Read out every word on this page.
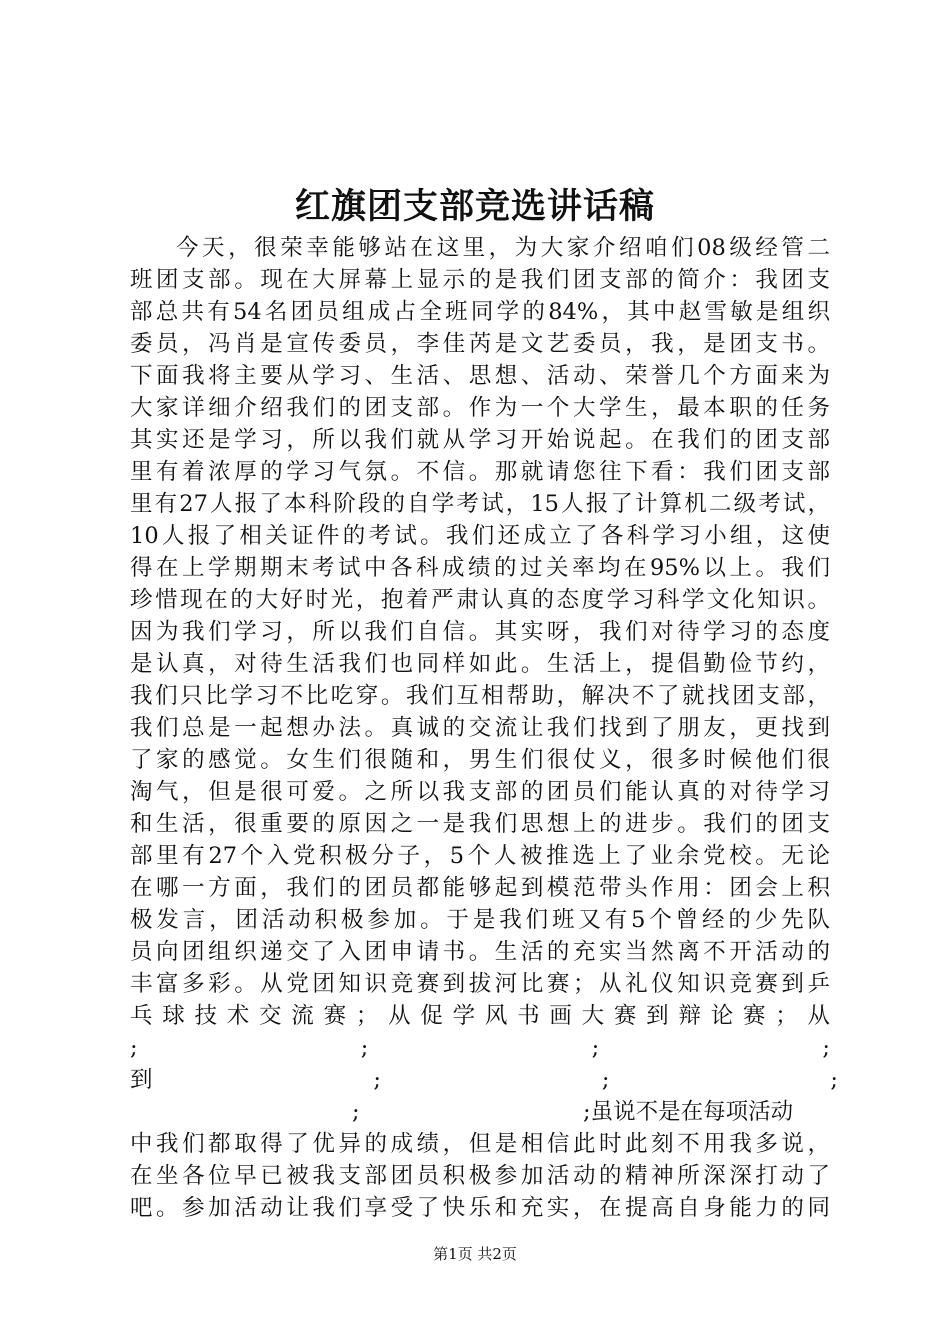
红旗团支部竞选讲话稿
今天，很荣幸能够站在这里，为大家介绍咱们08级经管二
班团支部。现在大屏幕上显示的是我们团支部的简介：我团支
部总共有54名团员组成占全班同学的84%，其中赵雪敏是组织
委员，冯肖是宣传委员，李佳芮是文艺委员，我，是团支书。
下面我将主要从学习、生活、思想、活动、荣誉几个方面来为
大家详细介绍我们的团支部。作为一个大学生，最本职的任务
其实还是学习，所以我们就从学习开始说起。在我们的团支部
里有着浓厚的学习气氛。不信。那就请您往下看：我们团支部
里有27人报了本科阶段的自学考试，15人报了计算机二级考试，
10人报了相关证件的考试。我们还成立了各科学习小组，这使
得在上学期期末考试中各科成绩的过关率均在95%以上。我们
珍惜现在的大好时光，抱着严肃认真的态度学习科学文化知识。
因为我们学习，所以我们自信。其实呀，我们对待学习的态度
是认真，对待生活我们也同样如此。生活上，提倡勤俭节约，
我们只比学习不比吃穿。我们互相帮助，解决不了就找团支部，
我们总是一起想办法。真诚的交流让我们找到了朋友，更找到
了家的感觉。女生们很随和，男生们很仗义，很多时候他们很
淘气，但是很可爱。之所以我支部的团员们能认真的对待学习
和生活，很重要的原因之一是我们思想上的进步。我们的团支
部里有27个入党积极分子，5个人被推选上了业余党校。无论
在哪一方面，我们的团员都能够起到模范带头作用：团会上积
极发言，团活动积极参加。于是我们班又有5个曾经的少先队
员向团组织递交了入团申请书。生活的充实当然离不开活动的
丰富多彩。从党团知识竞赛到拔河比赛；从礼仪知识竞赛到乒
乓球技术交流赛；从促学风书画大赛到辩论赛；从
;	;	;	;
到	;	;	;
;	;虽说不是在每项活动
中我们都取得了优异的成绩，但是相信此时此刻不用我多说，
在坐各位早已被我支部团员积极参加活动的精神所深深打动了
吧。参加活动让我们享受了快乐和充实，在提高自身能力的同
第1页 共2页
